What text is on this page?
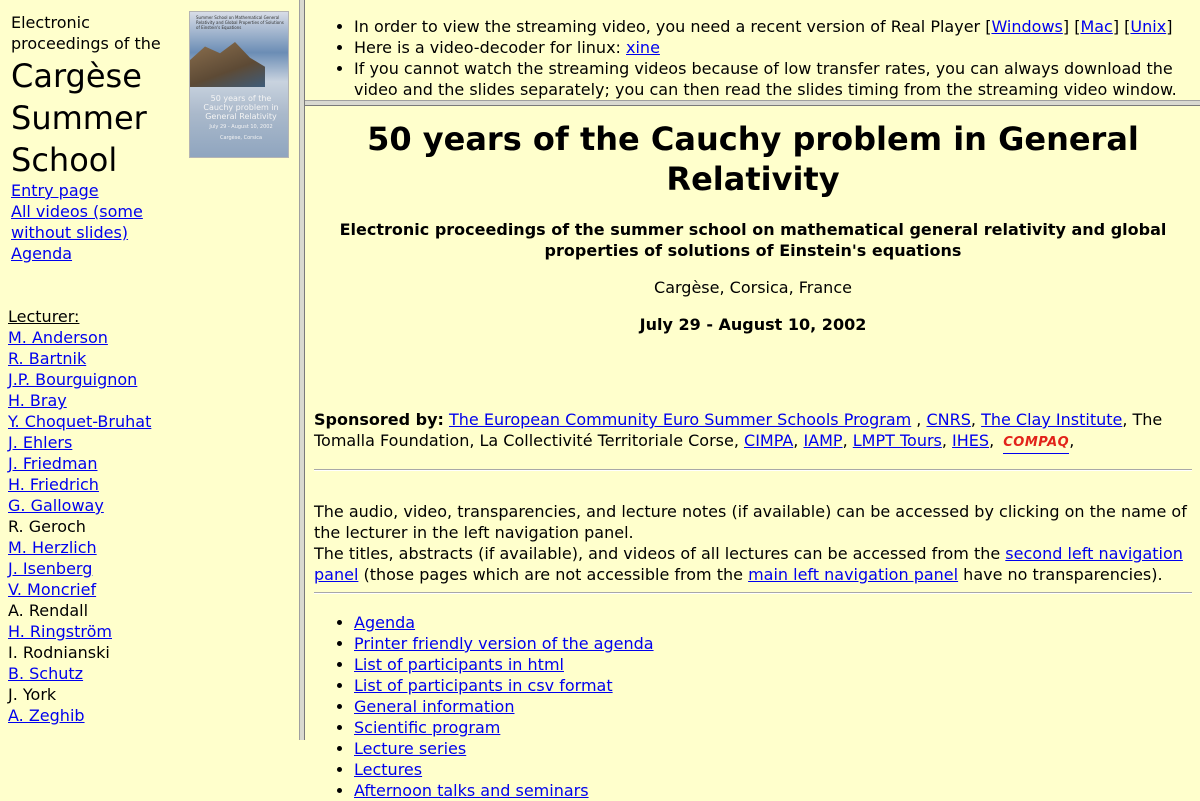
Electronic proceedings of the
Cargèse Summer School
Entry page
All videos (some without slides)
Agenda
Summer School on Mathematical General Relativity and Global Properties of Solutions of Einstein's Equations
50 years of the Cauchy problem in General Relativity
July 29 - August 10, 2002
Cargèse, Corsica
Lecturer:
M. Anderson
R. Bartnik
J.P. Bourguignon
H. Bray
Y. Choquet-Bruhat
J. Ehlers
J. Friedman
H. Friedrich
G. Galloway
R. Geroch
M. Herzlich
J. Isenberg
V. Moncrief
A. Rendall
H. Ringström
I. Rodnianski
B. Schutz
J. York
A. Zeghib
• In order to view the streaming video, you need a recent version of Real Player [Windows] [Mac] [Unix]
• Here is a video-decoder for linux: xine
• If you cannot watch the streaming videos because of low transfer rates, you can always download the video and the slides separately; you can then read the slides timing from the streaming video window.
50 years of the Cauchy problem in General Relativity
Electronic proceedings of the summer school on mathematical general relativity and global properties of solutions of Einstein's equations
Cargèse, Corsica, France
July 29 - August 10, 2002
Sponsored by: The European Community Euro Summer Schools Program , CNRS, The Clay Institute, The Tomalla Foundation, La Collectivité Territoriale Corse, CIMPA, IAMP, LMPT Tours, IHES, COMPAQ,
The audio, video, transparencies, and lecture notes (if available) can be accessed by clicking on the name of the lecturer in the left navigation panel.
The titles, abstracts (if available), and videos of all lectures can be accessed from the second left navigation panel (those pages which are not accessible from the main left navigation panel have no transparencies).
• Agenda
• Printer friendly version of the agenda
• List of participants in html
• List of participants in csv format
• General information
• Scientific program
• Lecture series
• Lectures
• Afternoon talks and seminars
